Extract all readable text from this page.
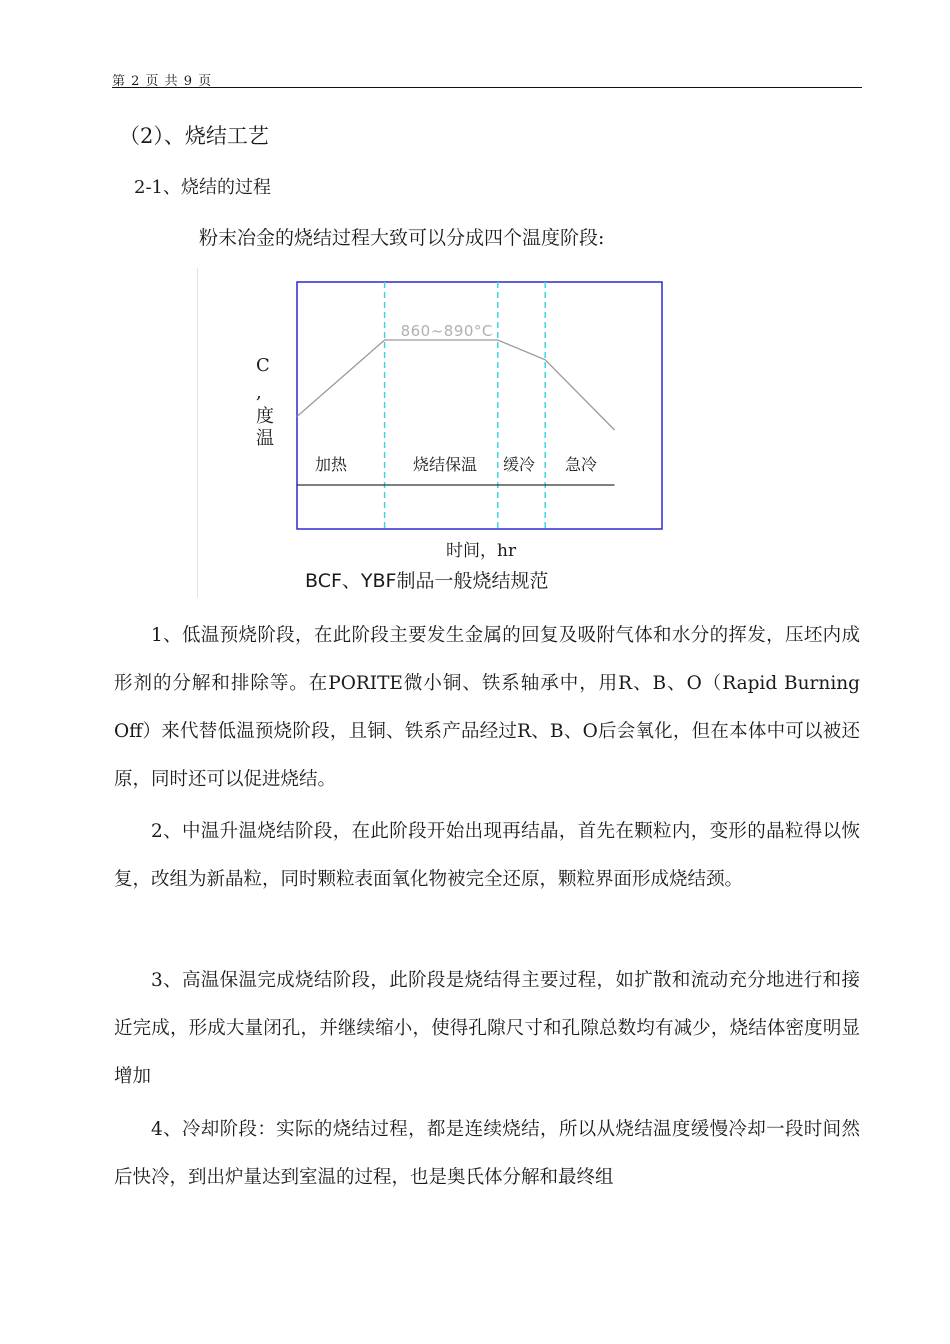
第 2 页 共 9 页
（2）、烧结工艺
2-1、烧结的过程
粉末冶金的烧结过程大致可以分成四个温度阶段:
860~890°C
加热	烧结保温 缓冷 急冷
C
,
度
温
时间，hr
BCF、YBF制品一般烧结规范

1、低温预烧阶段，在此阶段主要发生金属的回复及吸附气体和水分的挥发，压坯内成形剂的分解和排除等。在PORITE微小铜、铁系轴承中，用R、B、O（Rapid Burning Off）来代替低温预烧阶段，且铜、铁系产品经过R、B、O后会氧化，但在本体中可以被还原，同时还可以促进烧结。

2、中温升温烧结阶段，在此阶段开始出现再结晶，首先在颗粒内，变形的晶粒得以恢复，改组为新晶粒，同时颗粒表面氧化物被完全还原，颗粒界面形成烧结颈。

3、高温保温完成烧结阶段，此阶段是烧结得主要过程，如扩散和流动充分地进行和接近完成，形成大量闭孔，并继续缩小，使得孔隙尺寸和孔隙总数均有减少，烧结体密度明显增加

4、冷却阶段：实际的烧结过程，都是连续烧结，所以从烧结温度缓慢冷却一段时间然后快冷，到出炉量达到室温的过程，也是奥氏体分解和最终组
